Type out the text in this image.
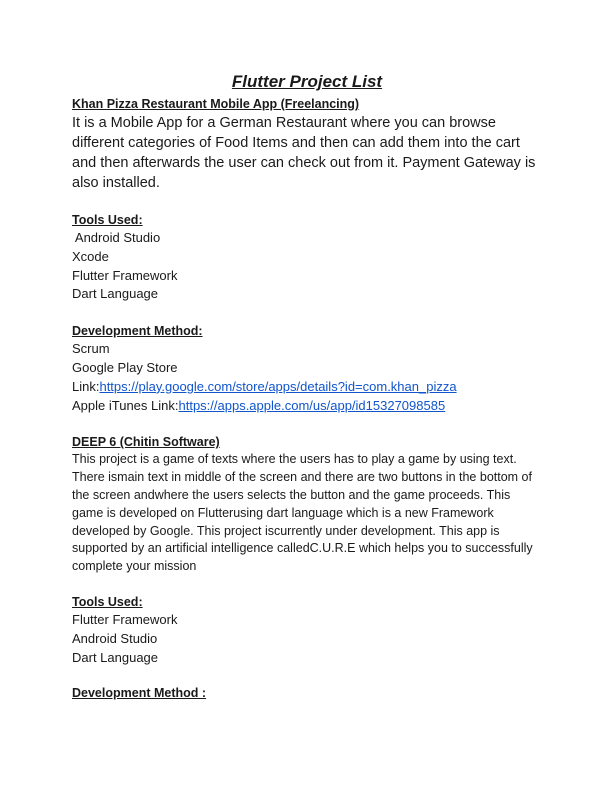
Flutter Project List

Khan Pizza Restaurant Mobile App (Freelancing)

It is a Mobile App for a German Restaurant where you can browse different categories of Food Items and then can add them into the cart and then afterwards the user can check out from it. Payment Gateway is also installed.

Tools Used:

Android Studio

Xcode

Flutter Framework

Dart Language

Development Method:

Scrum

Google Play Store

Link:https://play.google.com/store/apps/details?id=com.khan_pizza

Apple iTunes Link:https://apps.apple.com/us/app/id15327098585

DEEP 6 (Chitin Software)

This project is a game of texts where the users has to play a game by using text. There ismain text in middle of the screen and there are two buttons in the bottom of the screen andwhere the users selects the button and the game proceeds. This game is developed on Flutterusing dart language which is a new Framework developed by Google. This project iscurrently under development. This app is supported by an artificial intelligence calledC.U.R.E which helps you to successfully complete your mission

Tools Used:

Flutter Framework

Android Studio

Dart Language

Development Method :
